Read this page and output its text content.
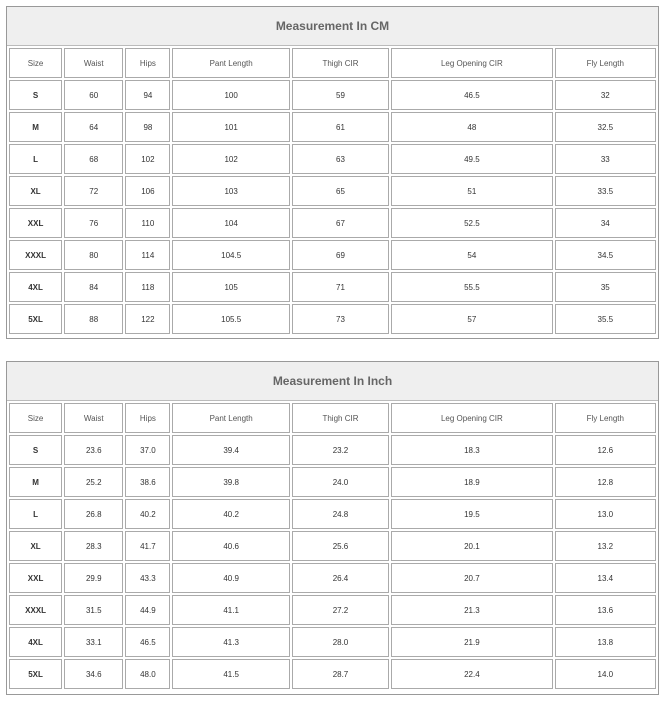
Measurement In CM
Size	Waist	Hips	Pant Length	Thigh CIR	Leg Opening CIR	Fly Length
S	60	94	100	59	46.5	32
M	64	98	101	61	48	32.5
L	68	102	102	63	49.5	33
XL	72	106	103	65	51	33.5
XXL	76	110	104	67	52.5	34
XXXL	80	114	104.5	69	54	34.5
4XL	84	118	105	71	55.5	35
5XL	88	122	105.5	73	57	35.5
Measurement In Inch
Size	Waist	Hips	Pant Length	Thigh CIR	Leg Opening CIR	Fly Length
S	23.6	37.0	39.4	23.2	18.3	12.6
M	25.2	38.6	39.8	24.0	18.9	12.8
L	26.8	40.2	40.2	24.8	19.5	13.0
XL	28.3	41.7	40.6	25.6	20.1	13.2
XXL	29.9	43.3	40.9	26.4	20.7	13.4
XXXL	31.5	44.9	41.1	27.2	21.3	13.6
4XL	33.1	46.5	41.3	28.0	21.9	13.8
5XL	34.6	48.0	41.5	28.7	22.4	14.0
